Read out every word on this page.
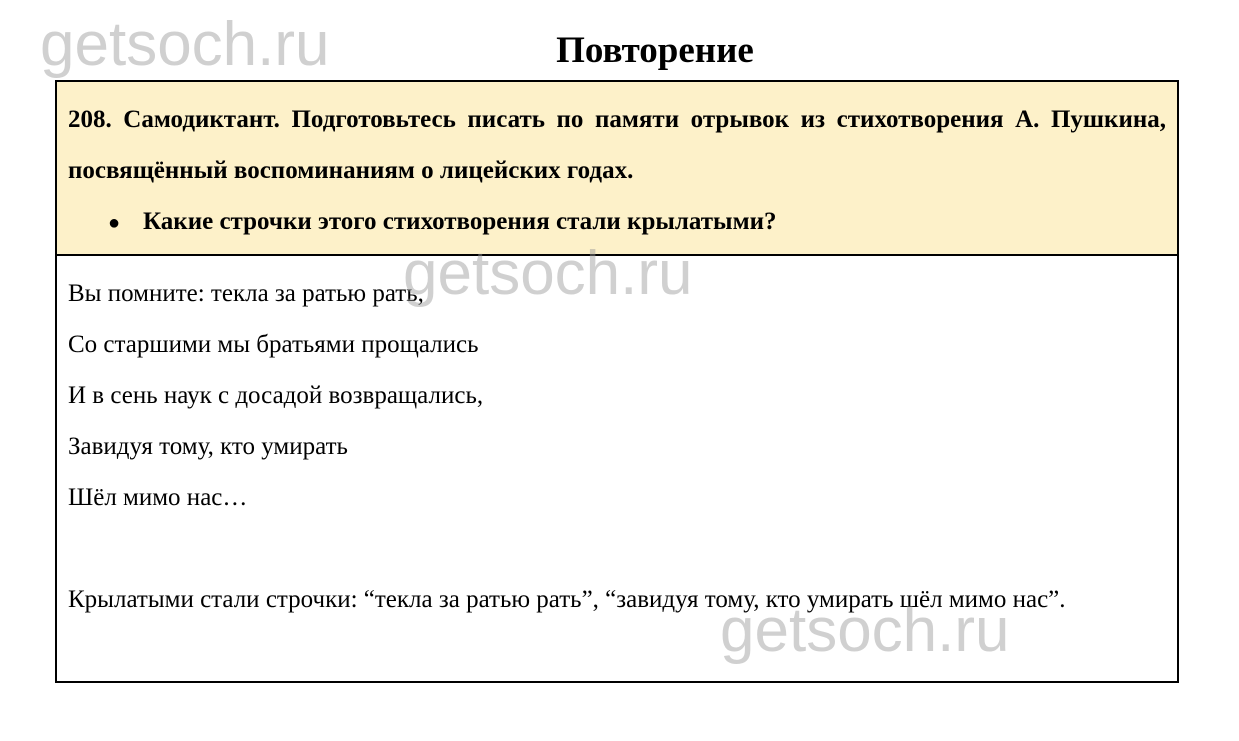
Повторение
208. Самодиктант. Подготовьтесь писать по памяти отрывок из стихотворения А. Пушкина, посвящённый воспоминаниям о лицейских годах.
● Какие строчки этого стихотворения стали крылатыми?
Вы помните: текла за ратью рать,
Со старшими мы братьями прощались
И в сень наук с досадой возвращались,
Завидуя тому, кто умирать
Шёл мимо нас…
Крылатыми стали строчки: “текла за ратью рать”, “завидуя тому, кто умирать шёл мимо нас”.
getsoch.ru
getsoch.ru
getsoch.ru
